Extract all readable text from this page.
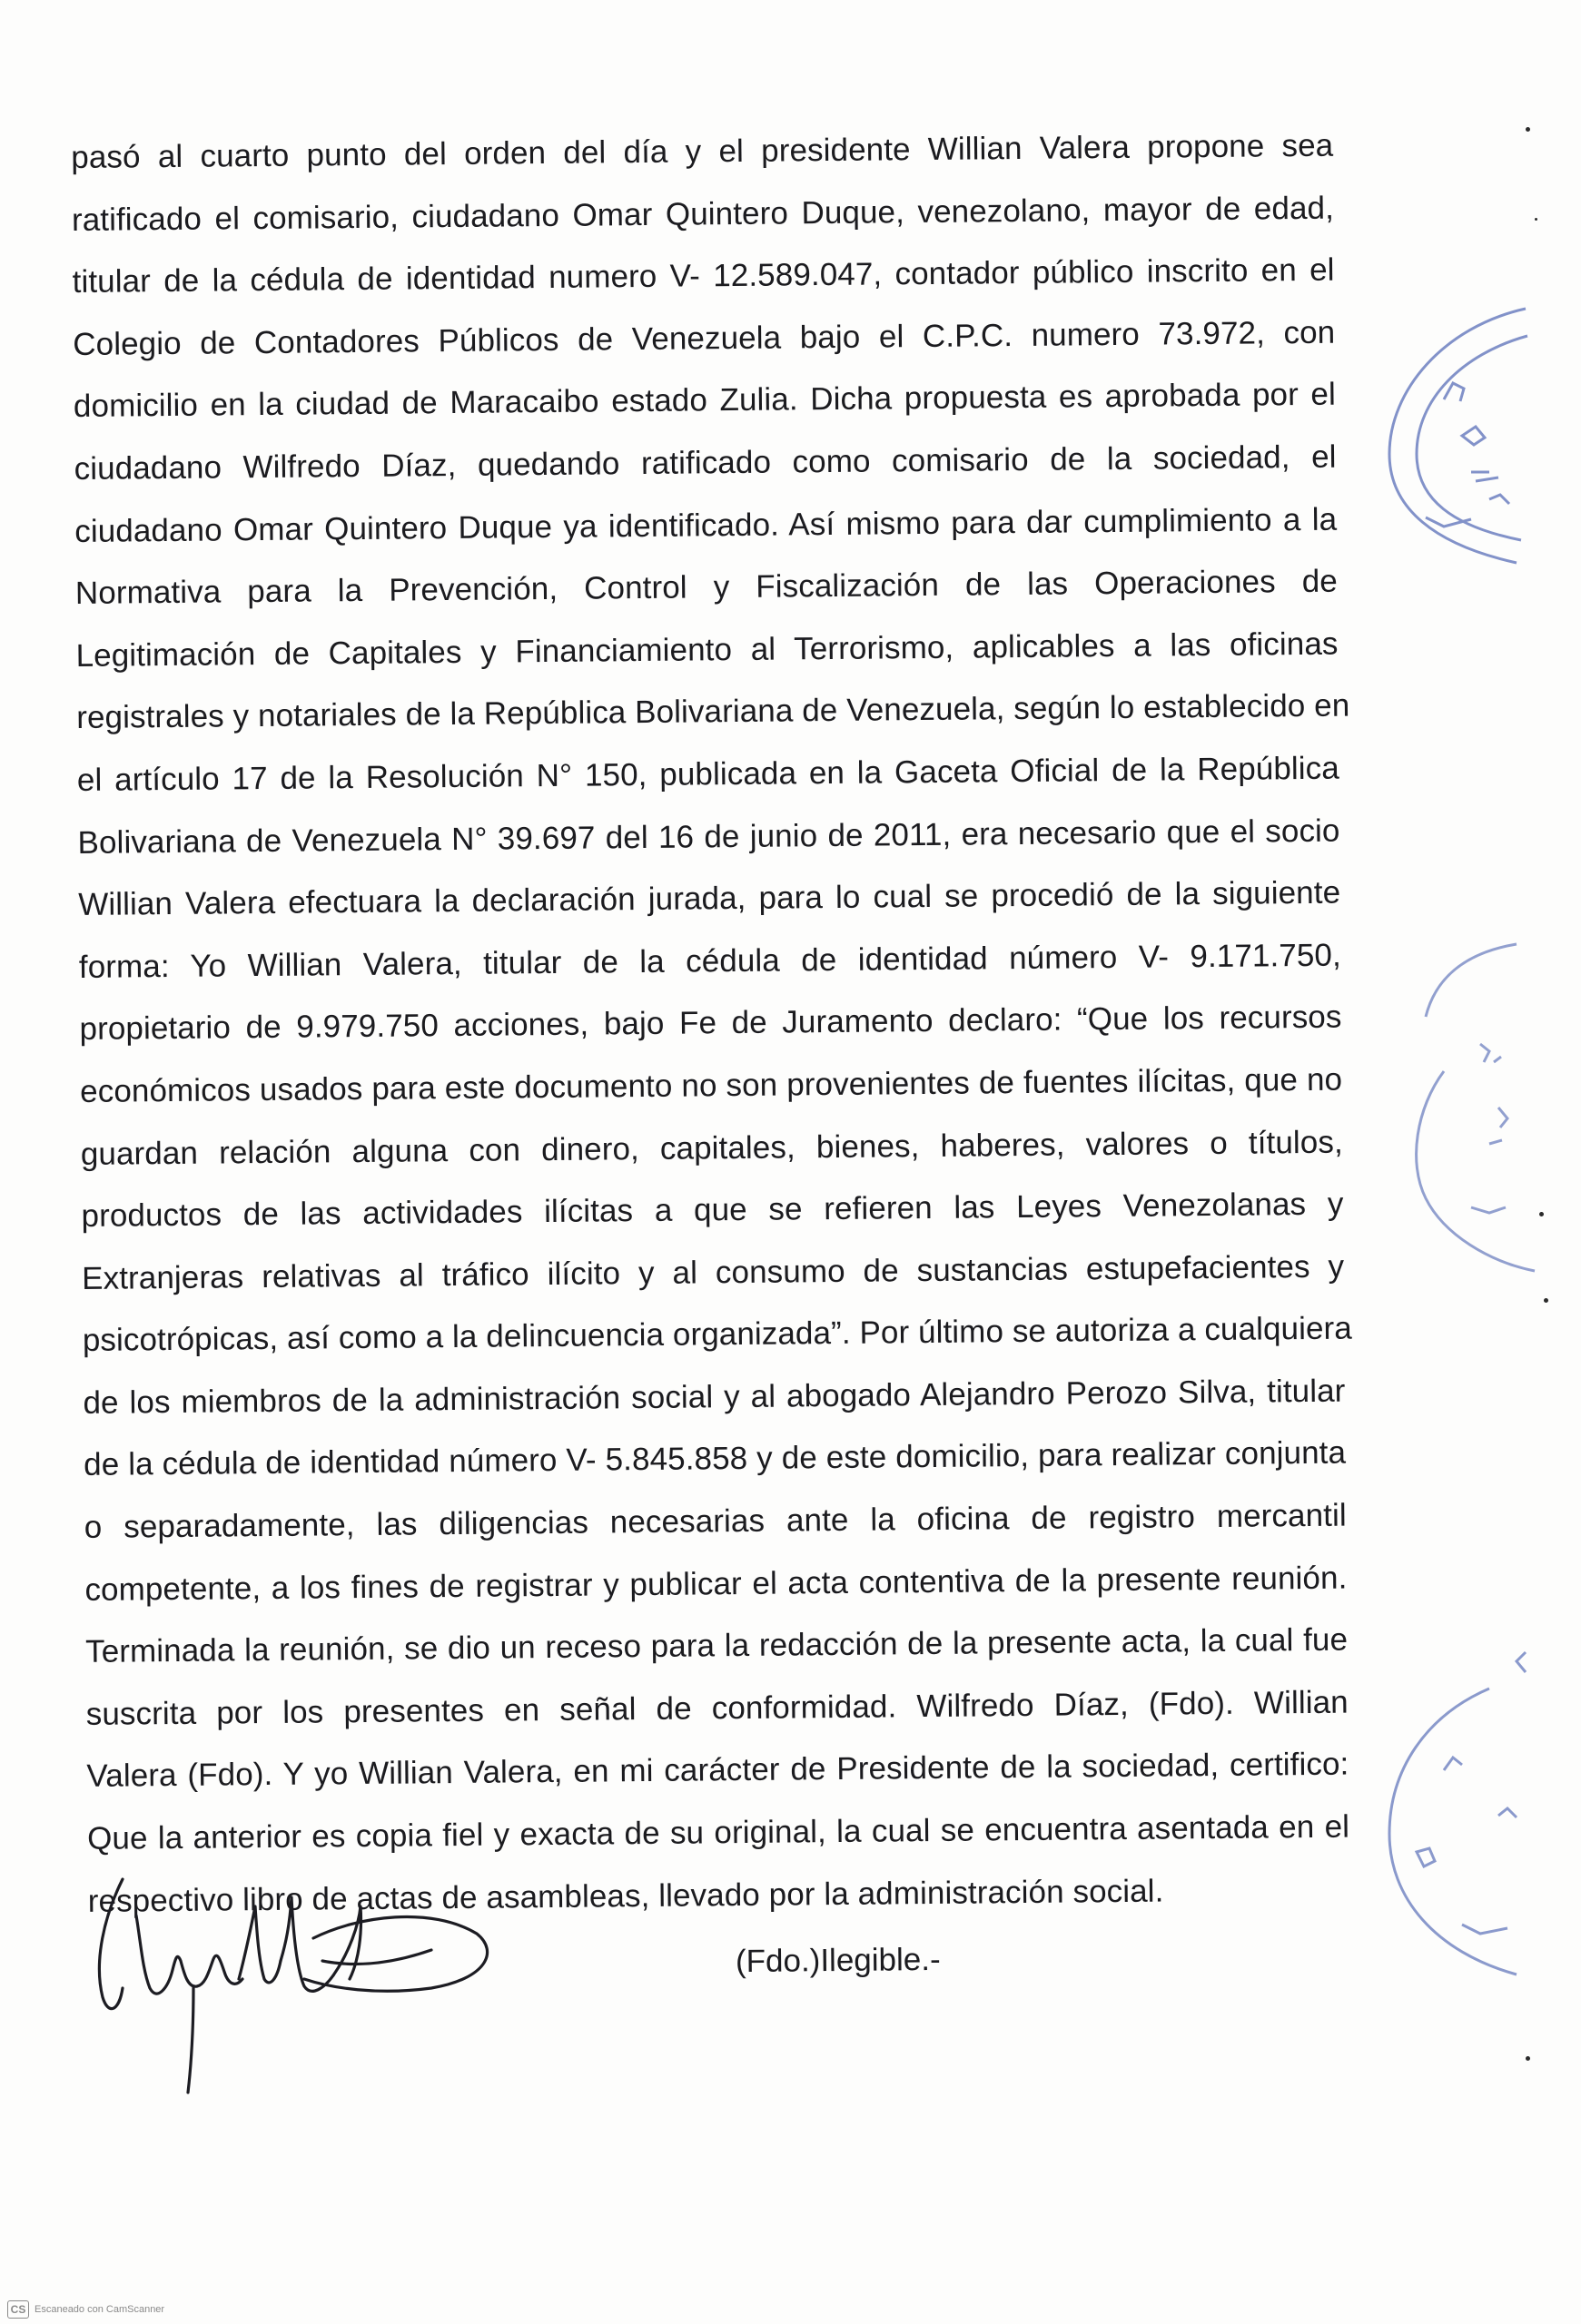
pasó al cuarto punto del orden del día y el presidente Willian Valera propone sea
ratificado el comisario, ciudadano Omar Quintero Duque, venezolano, mayor de edad,
titular de la cédula de identidad numero V- 12.589.047, contador público inscrito en el
Colegio de Contadores Públicos de Venezuela bajo el C.P.C. numero 73.972, con
domicilio en la ciudad de Maracaibo estado Zulia. Dicha propuesta es aprobada por el
ciudadano Wilfredo Díaz, quedando ratificado como comisario de la sociedad, el
ciudadano Omar Quintero Duque ya identificado. Así mismo para dar cumplimiento a la
Normativa para la Prevención, Control y Fiscalización de las Operaciones de
Legitimación de Capitales y Financiamiento al Terrorismo, aplicables a las oficinas
registrales y notariales de la República Bolivariana de Venezuela, según lo establecido en
el artículo 17 de la Resolución N° 150, publicada en la Gaceta Oficial de la República
Bolivariana de Venezuela N° 39.697 del 16 de junio de 2011, era necesario que el socio
Willian Valera efectuara la declaración jurada, para lo cual se procedió de la siguiente
forma: Yo Willian Valera, titular de la cédula de identidad número V- 9.171.750,
propietario de 9.979.750 acciones, bajo Fe de Juramento declaro: “Que los recursos
económicos usados para este documento no son provenientes de fuentes ilícitas, que no
guardan relación alguna con dinero, capitales, bienes, haberes, valores o títulos,
productos de las actividades ilícitas a que se refieren las Leyes Venezolanas y
Extranjeras relativas al tráfico ilícito y al consumo de sustancias estupefacientes y
psicotrópicas, así como a la delincuencia organizada”. Por último se autoriza a cualquiera
de los miembros de la administración social y al abogado Alejandro Perozo Silva, titular
de la cédula de identidad número V- 5.845.858 y de este domicilio, para realizar conjunta
o separadamente, las diligencias necesarias ante la oficina de registro mercantil
competente, a los fines de registrar y publicar el acta contentiva de la presente reunión.
Terminada la reunión, se dio un receso para la redacción de la presente acta, la cual fue
suscrita por los presentes en señal de conformidad. Wilfredo Díaz, (Fdo). Willian
Valera (Fdo). Y yo Willian Valera, en mi carácter de Presidente de la sociedad, certifico:
Que la anterior es copia fiel y exacta de su original, la cual se encuentra asentada en el
respectivo libro de actas de asambleas, llevado por la administración social.
(Fdo.)Ilegible.-
CS Escaneado con CamScanner
